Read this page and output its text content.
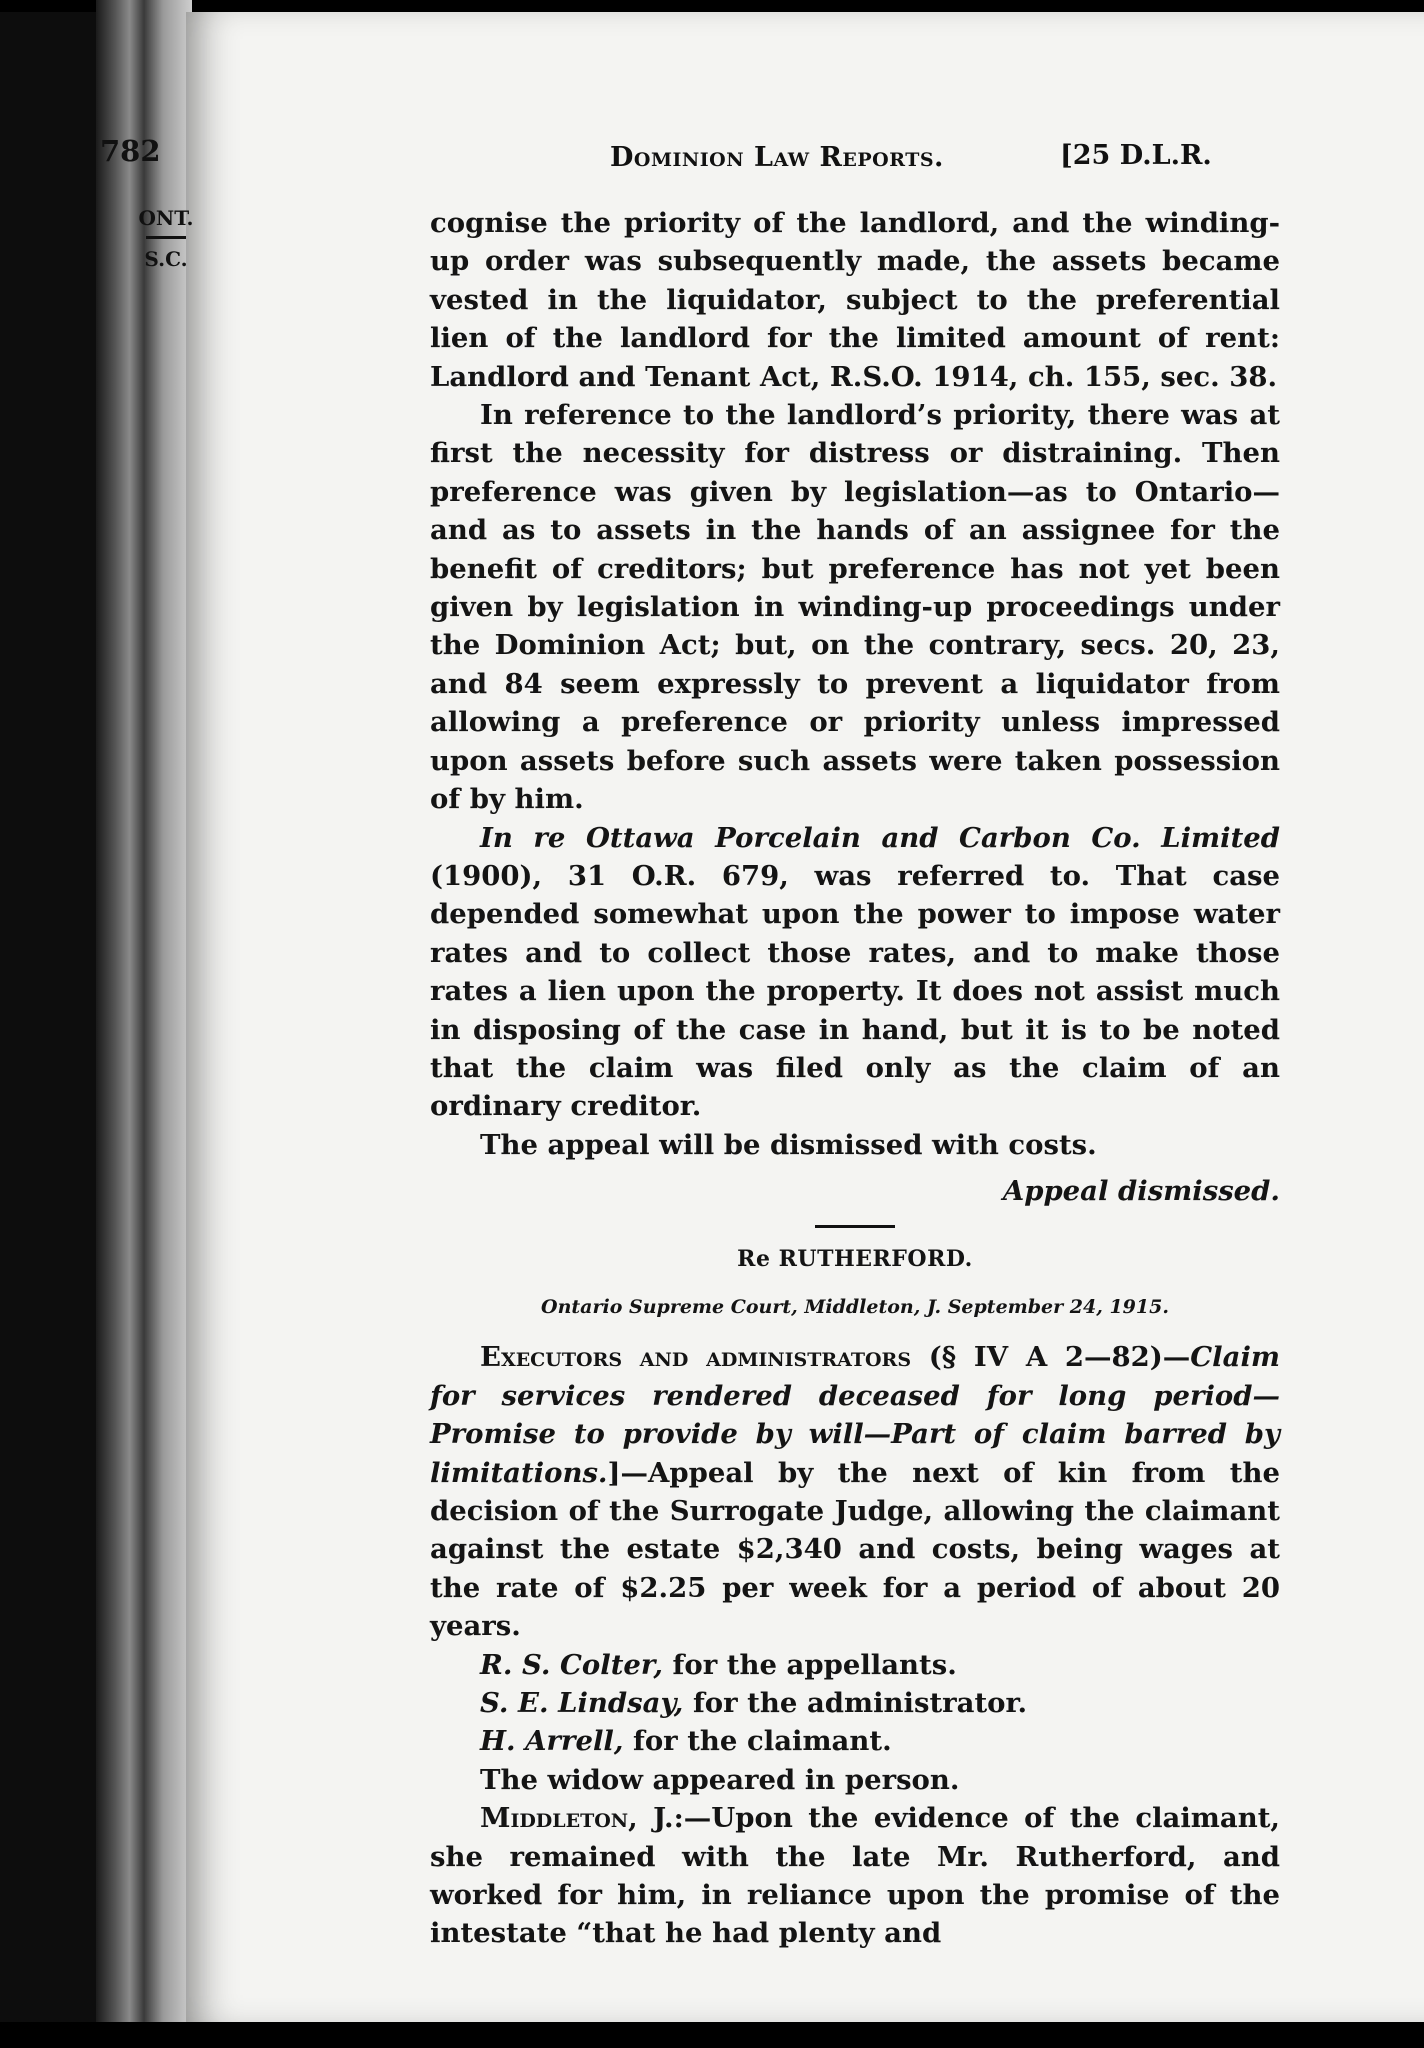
782	Dominion Law Reports.	[25 D.L.R.
ONT.
S.C.

cognise the priority of the landlord, and the winding-up order was subsequently made, the assets became vested in the liquidator, subject to the preferential lien of the landlord for the limited amount of rent: Landlord and Tenant Act, R.S.O. 1914, ch. 155, sec. 38.

In reference to the landlord’s priority, there was at first the necessity for distress or distraining. Then preference was given by legislation—as to Ontario—and as to assets in the hands of an assignee for the benefit of creditors; but preference has not yet been given by legislation in winding-up proceedings under the Dominion Act; but, on the contrary, secs. 20, 23, and 84 seem expressly to prevent a liquidator from allowing a preference or priority unless impressed upon assets before such assets were taken possession of by him.

In re Ottawa Porcelain and Carbon Co. Limited (1900), 31 O.R. 679, was referred to. That case depended somewhat upon the power to impose water rates and to collect those rates, and to make those rates a lien upon the property. It does not assist much in disposing of the case in hand, but it is to be noted that the claim was filed only as the claim of an ordinary creditor.

The appeal will be dismissed with costs.

Appeal dismissed.

Re RUTHERFORD.

Ontario Supreme Court, Middleton, J. September 24, 1915.

Executors and administrators (§ IV A 2—82)—Claim for services rendered deceased for long period—Promise to provide by will—Part of claim barred by limitations.]—Appeal by the next of kin from the decision of the Surrogate Judge, allowing the claimant against the estate $2,340 and costs, being wages at the rate of $2.25 per week for a period of about 20 years.

R. S. Colter, for the appellants.

S. E. Lindsay, for the administrator.

H. Arrell, for the claimant.

The widow appeared in person.

Middleton, J.:—Upon the evidence of the claimant, she remained with the late Mr. Rutherford, and worked for him, in reliance upon the promise of the intestate “that he had plenty and
